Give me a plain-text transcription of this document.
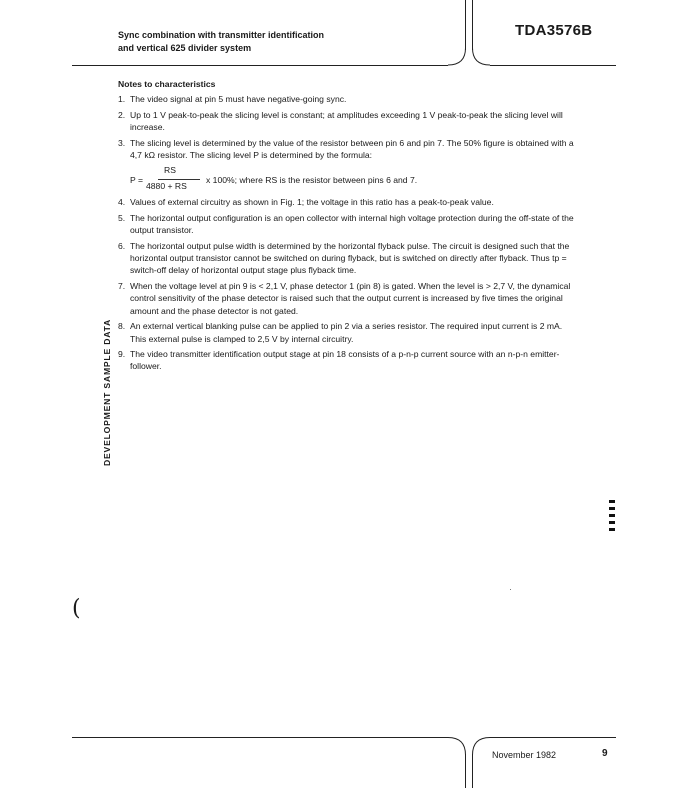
Sync combination with transmitter identification
and vertical 625 divider system
TDA3576B
Notes to characteristics
1. The video signal at pin 5 must have negative-going sync.
2. Up to 1 V peak-to-peak the slicing level is constant; at amplitudes exceeding 1 V peak-to-peak the slicing level will increase.
3. The slicing level is determined by the value of the resistor between pin 6 and pin 7. The 50% figure is obtained with a 4,7 kΩ resistor. The slicing level P is determined by the formula:
P =
RS
4880 + RS
x 100%; where RS is the resistor between pins 6 and 7.
4. Values of external circuitry as shown in Fig. 1; the voltage in this ratio has a peak-to-peak value.
5. The horizontal output configuration is an open collector with internal high voltage protection during the off-state of the output transistor.
6. The horizontal output pulse width is determined by the horizontal flyback pulse. The circuit is designed such that the horizontal output transistor cannot be switched on during flyback, but is switched on directly after flyback. Thus tp = switch-off delay of horizontal output stage plus flyback time.
7. When the voltage level at pin 9 is < 2,1 V, phase detector 1 (pin 8) is gated. When the level is > 2,7 V, the dynamical control sensitivity of the phase detector is raised such that the output current is increased by five times the original amount and the phase detector is not gated.
8. An external vertical blanking pulse can be applied to pin 2 via a series resistor. The required input current is 2 mA. This external pulse is clamped to 2,5 V by internal circuitry.
9. The video transmitter identification output stage at pin 18 consists of a p-n-p current source with an n-p-n emitter-follower.
DEVELOPMENT SAMPLE DATA
(
November 1982	9
